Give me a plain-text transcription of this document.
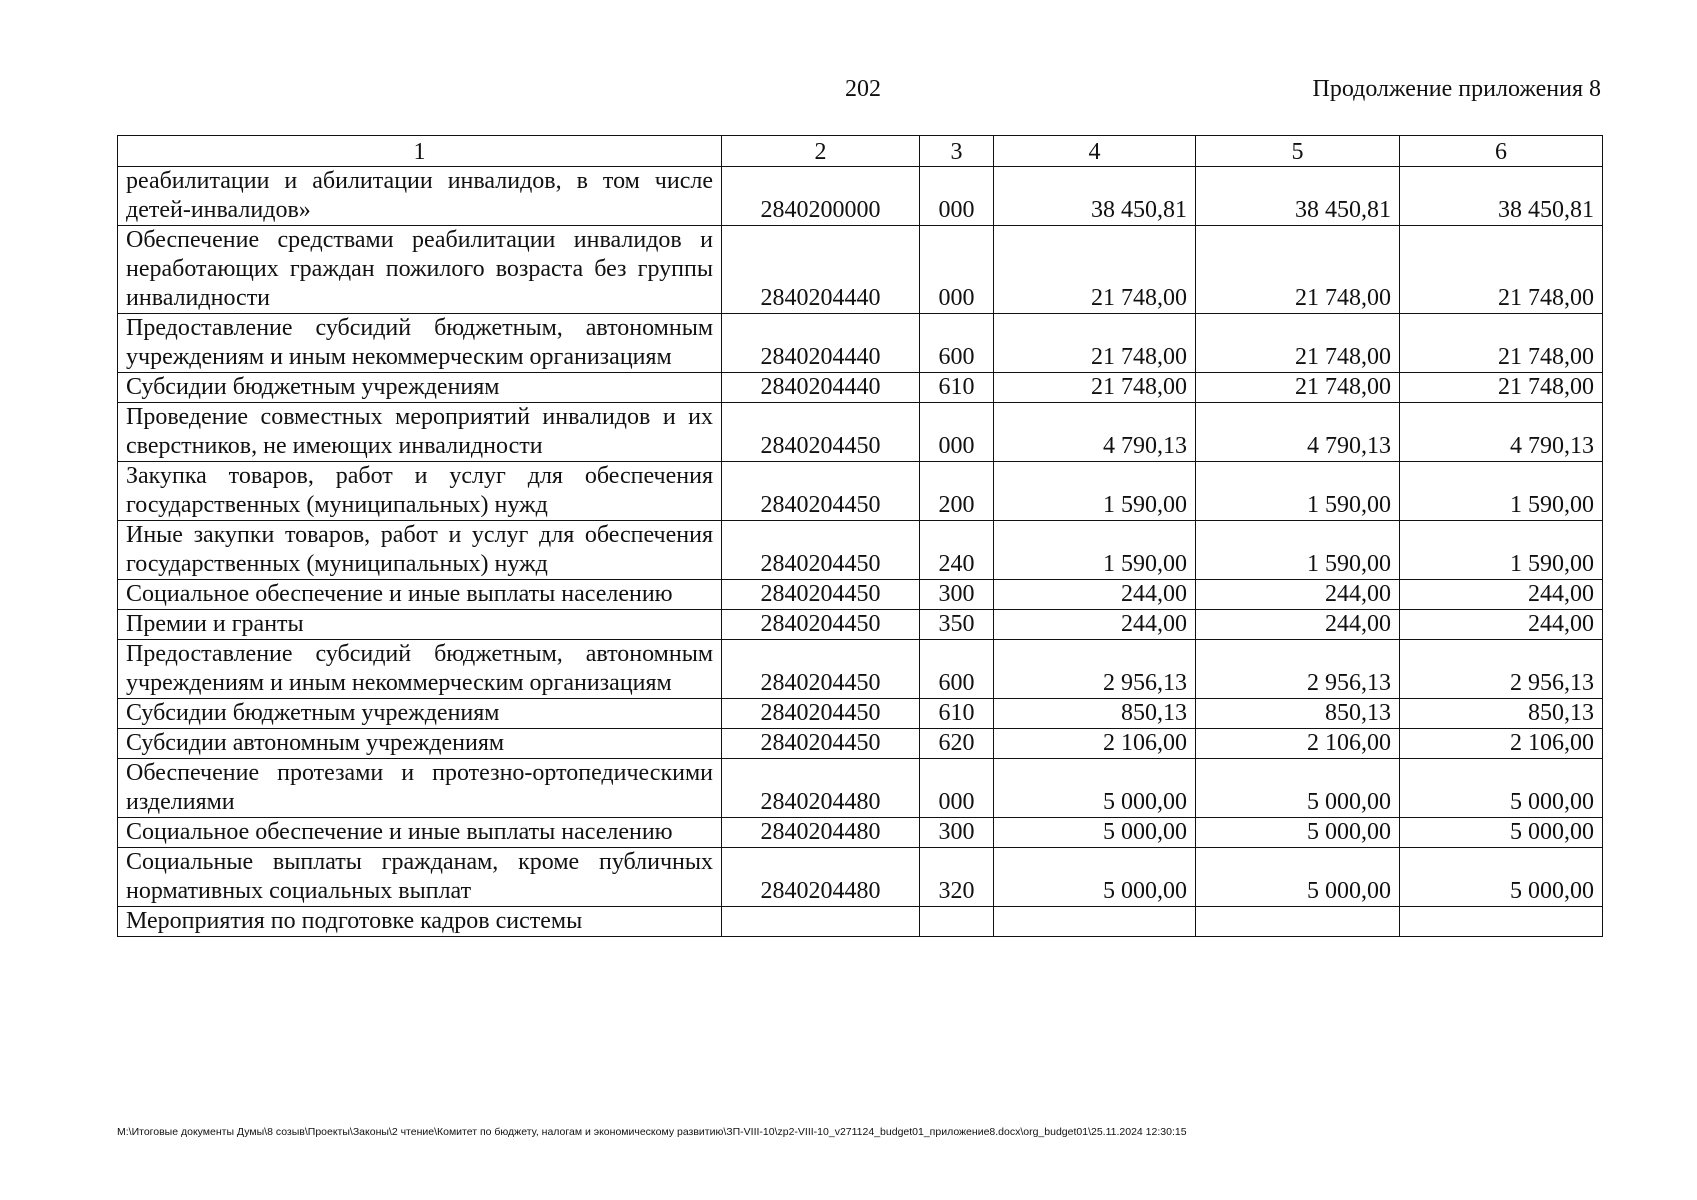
202	Продолжение приложения 8
1	2	3	4	5	6
реабилитации и абилитации инвалидов, в том числе детей-инвалидов»	2840200000	000	38 450,81	38 450,81	38 450,81
Обеспечение средствами реабилитации инвалидов и неработающих граждан пожилого возраста без группы инвалидности	2840204440	000	21 748,00	21 748,00	21 748,00
Предоставление субсидий бюджетным, автономным учреждениям и иным некоммерческим организациям	2840204440	600	21 748,00	21 748,00	21 748,00
Субсидии бюджетным учреждениям	2840204440	610	21 748,00	21 748,00	21 748,00
Проведение совместных мероприятий инвалидов и их сверстников, не имеющих инвалидности	2840204450	000	4 790,13	4 790,13	4 790,13
Закупка товаров, работ и услуг для обеспечения государственных (муниципальных) нужд	2840204450	200	1 590,00	1 590,00	1 590,00
Иные закупки товаров, работ и услуг для обеспечения государственных (муниципальных) нужд	2840204450	240	1 590,00	1 590,00	1 590,00
Социальное обеспечение и иные выплаты населению	2840204450	300	244,00	244,00	244,00
Премии и гранты	2840204450	350	244,00	244,00	244,00
Предоставление субсидий бюджетным, автономным учреждениям и иным некоммерческим организациям	2840204450	600	2 956,13	2 956,13	2 956,13
Субсидии бюджетным учреждениям	2840204450	610	850,13	850,13	850,13
Субсидии автономным учреждениям	2840204450	620	2 106,00	2 106,00	2 106,00
Обеспечение протезами и протезно-ортопедическими изделиями	2840204480	000	5 000,00	5 000,00	5 000,00
Социальное обеспечение и иные выплаты населению	2840204480	300	5 000,00	5 000,00	5 000,00
Социальные выплаты гражданам, кроме публичных нормативных социальных выплат	2840204480	320	5 000,00	5 000,00	5 000,00
Мероприятия по подготовке кадров системы					
M:\Итоговые документы Думы\8 созыв\Проекты\Законы\2 чтение\Комитет по бюджету, налогам и экономическому развитию\ЗП-VIII-10\zp2-VIII-10_v271124_budget01_приложение8.docx\org_budget01\25.11.2024 12:30:15
